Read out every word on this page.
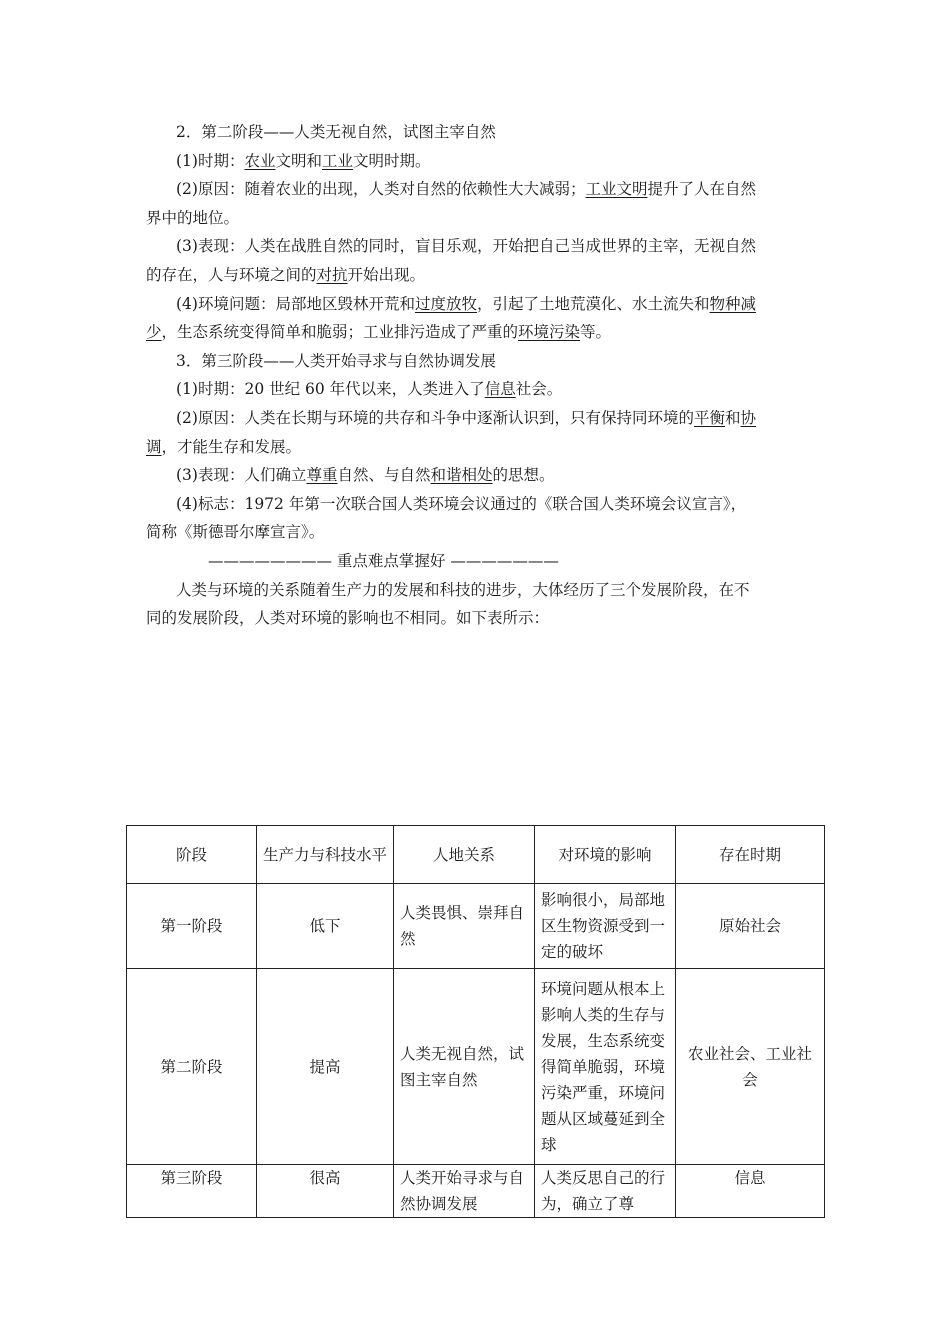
2．第二阶段——人类无视自然，试图主宰自然
(1)时期：农业文明和工业文明时期。
(2)原因：随着农业的出现，人类对自然的依赖性大大减弱；工业文明提升了人在自然
界中的地位。
(3)表现：人类在战胜自然的同时，盲目乐观，开始把自己当成世界的主宰，无视自然
的存在，人与环境之间的对抗开始出现。
(4)环境问题：局部地区毁林开荒和过度放牧，引起了土地荒漠化、水土流失和物种减
少，生态系统变得简单和脆弱；工业排污造成了严重的环境污染等。
3．第三阶段——人类开始寻求与自然协调发展
(1)时期：20 世纪 60 年代以来，人类进入了信息社会。
(2)原因：人类在长期与环境的共存和斗争中逐渐认识到，只有保持同环境的平衡和协
调，才能生存和发展。
(3)表现：人们确立尊重自然、与自然和谐相处的思想。
(4)标志：1972 年第一次联合国人类环境会议通过的《联合国人类环境会议宣言》，
简称《斯德哥尔摩宣言》。
———————— 重点难点掌握好 ———————
人类与环境的关系随着生产力的发展和科技的进步，大体经历了三个发展阶段，在不
同的发展阶段，人类对环境的影响也不相同。如下表所示：
阶段	生产力与科技水平	人地关系	对环境的影响	存在时期
第一阶段	低下	人类畏惧、崇拜自然	影响很小，局部地区生物资源受到一定的破坏	原始社会
第二阶段	提高	人类无视自然，试图主宰自然	环境问题从根本上影响人类的生存与发展，生态系统变得简单脆弱，环境污染严重，环境问题从区域蔓延到全球	农业社会、工业社会
第三阶段	很高	人类开始寻求与自然协调发展	人类反思自己的行为，确立了尊	信息
